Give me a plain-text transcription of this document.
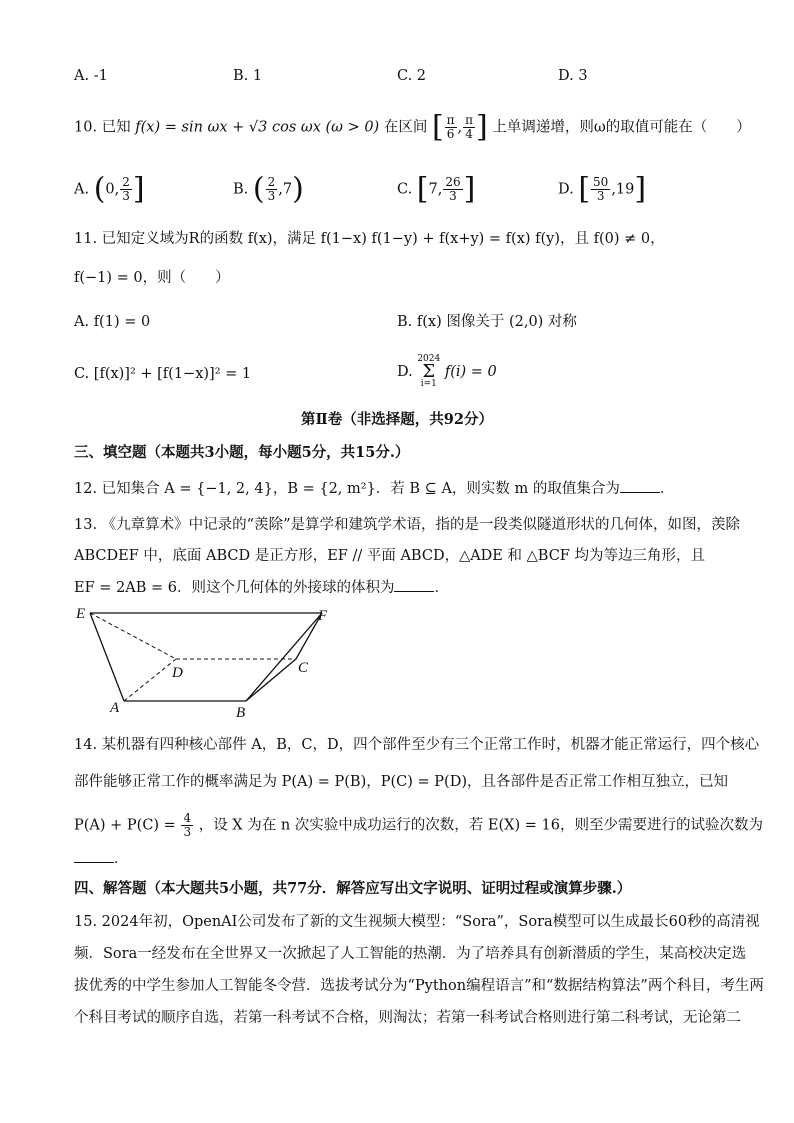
A. -1	B. 1	C. 2	D. 3
10. 已知 f(x) = sin ωx + √3 cos ωx (ω > 0) 在区间 [ $\frac{\pi}{6}$ , $\frac{\pi}{4}$ ] 上单调递增，则ω的取值可能在（　　）
A. (0, $\frac{2}{3}$ ]	B. ( $\frac{2}{3} ,7$)	C. [7, $\frac{26}{3}$ ]	D. [ $\frac{50}{3} ,19$]
11. 已知定义域为R的函数 f(x)，满足 f(1−x) f(1−y) + f(x+y) = f(x) f(y)，且 f(0) ≠ 0，
f(−1) = 0，则（　　）
A. f(1) = 0	B. f(x) 图像关于 (2,0) 对称
C. [f(x)]² + [f(1−x)]² = 1	D. 2024
Σ
i=1 f(i) = 0
第Ⅱ卷（非选择题，共92分）
三、填空题（本题共3小题，每小题5分，共15分.）
12. 已知集合 A = {−1, 2, 4}，B = {2, m²}．若 B ⊆ A，则实数 m 的取值集合为	．
13. 《九章算术》中记录的“羡除”是算学和建筑学术语，指的是一段类似隧道形状的几何体，如图，羡除
ABCDEF 中，底面 ABCD 是正方形，EF // 平面 ABCD，△ADE 和 △BCF 均为等边三角形，且
EF = 2AB = 6．则这个几何体的外接球的体积为	．
E	F
C
D
A	B
14. 某机器有四种核心部件 A，B，C，D，四个部件至少有三个正常工作时，机器才能正常运行，四个核心
部件能够正常工作的概率满足为 P(A) = P(B)，P(C) = P(D)，且各部件是否正常工作相互独立，已知
$P(A) + P(C) = \frac{4}{3}$ ，设 X 为在 n 次实验中成功运行的次数，若 E(X) = 16，则至少需要进行的试验次数为
．
四、解答题（本大题共5小题，共77分．解答应写出文字说明、证明过程或演算步骤.）
15. 2024年初，OpenAI公司发布了新的文生视频大模型：“Sora”，Sora模型可以生成最长60秒的高清视
频．Sora一经发布在全世界又一次掀起了人工智能的热潮．为了培养具有创新潜质的学生，某高校决定选
拔优秀的中学生参加人工智能冬令营．选拔考试分为“Python编程语言”和“数据结构算法”两个科目，考生两
个科目考试的顺序自选，若第一科考试不合格，则淘汰；若第一科考试合格则进行第二科考试，无论第二
